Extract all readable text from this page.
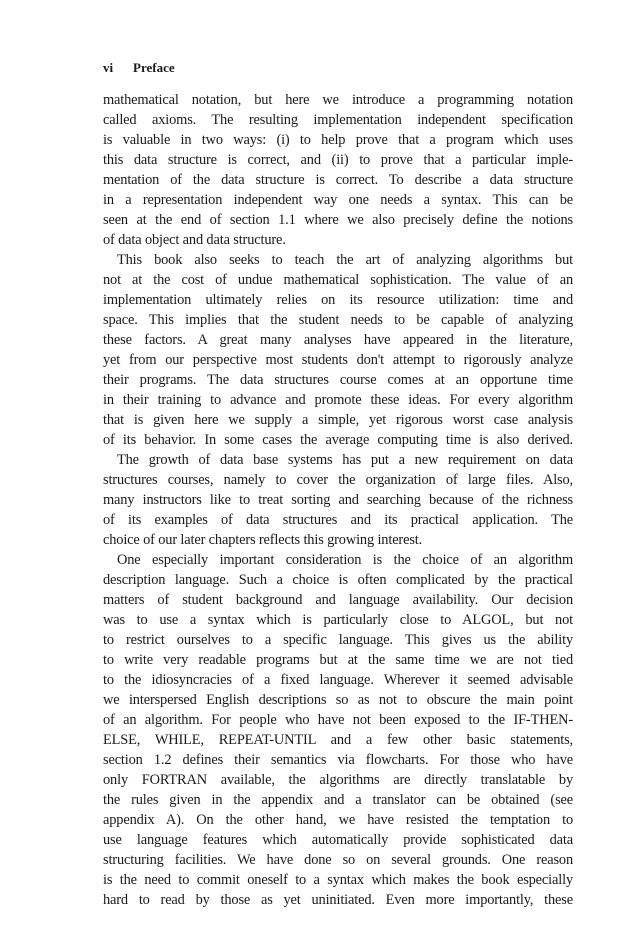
vi Preface
mathematical notation, but here we introduce a programming notation
called axioms. The resulting implementation independent specification
is valuable in two ways: (i) to help prove that a program which uses
this data structure is correct, and (ii) to prove that a particular imple-
mentation of the data structure is correct. To describe a data structure
in a representation independent way one needs a syntax. This can be
seen at the end of section 1.1 where we also precisely define the notions
of data object and data structure.
This book also seeks to teach the art of analyzing algorithms but
not at the cost of undue mathematical sophistication. The value of an
implementation ultimately relies on its resource utilization: time and
space. This implies that the student needs to be capable of analyzing
these factors. A great many analyses have appeared in the literature,
yet from our perspective most students don't attempt to rigorously analyze
their programs. The data structures course comes at an opportune time
in their training to advance and promote these ideas. For every algorithm
that is given here we supply a simple, yet rigorous worst case analysis
of its behavior. In some cases the average computing time is also derived.
The growth of data base systems has put a new requirement on data
structures courses, namely to cover the organization of large files. Also,
many instructors like to treat sorting and searching because of the richness
of its examples of data structures and its practical application. The
choice of our later chapters reflects this growing interest.
One especially important consideration is the choice of an algorithm
description language. Such a choice is often complicated by the practical
matters of student background and language availability. Our decision
was to use a syntax which is particularly close to ALGOL, but not
to restrict ourselves to a specific language. This gives us the ability
to write very readable programs but at the same time we are not tied
to the idiosyncracies of a fixed language. Wherever it seemed advisable
we interspersed English descriptions so as not to obscure the main point
of an algorithm. For people who have not been exposed to the IF-THEN-
ELSE, WHILE, REPEAT-UNTIL and a few other basic statements,
section 1.2 defines their semantics via flowcharts. For those who have
only FORTRAN available, the algorithms are directly translatable by
the rules given in the appendix and a translator can be obtained (see
appendix A). On the other hand, we have resisted the temptation to
use language features which automatically provide sophisticated data
structuring facilities. We have done so on several grounds. One reason
is the need to commit oneself to a syntax which makes the book especially
hard to read by those as yet uninitiated. Even more importantly, these
